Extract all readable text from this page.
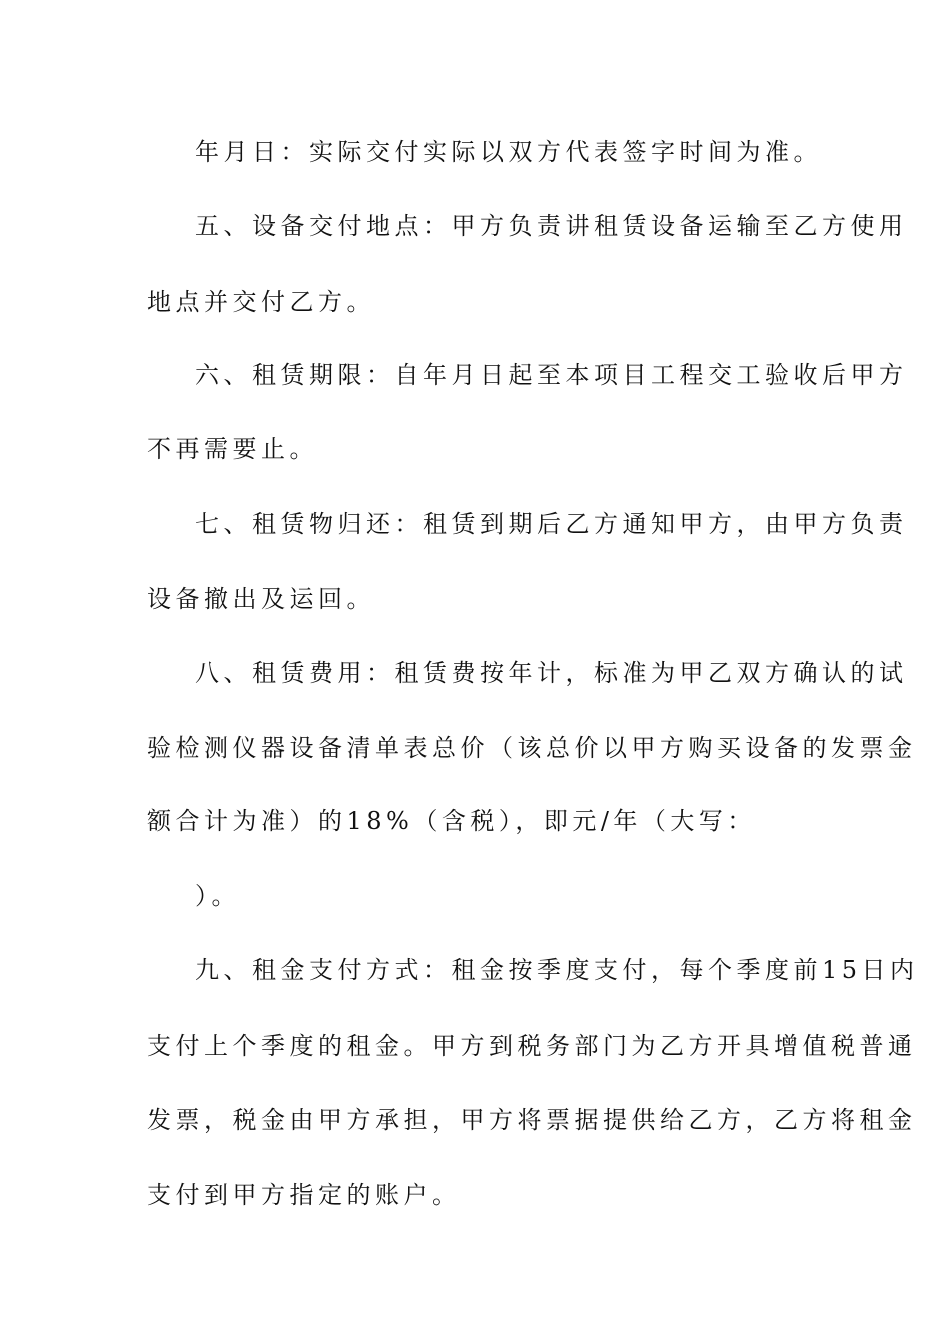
年月日：实际交付实际以双方代表签字时间为准。
五、设备交付地点：甲方负责讲租赁设备运输至乙方使用
地点并交付乙方。
六、租赁期限：自年月日起至本项目工程交工验收后甲方
不再需要止。
七、租赁物归还：租赁到期后乙方通知甲方，由甲方负责
设备撤出及运回。
八、租赁费用：租赁费按年计，标准为甲乙双方确认的试
验检测仪器设备清单表总价（该总价以甲方购买设备的发票金
额合计为准）的18%（含税），即元/年（大写：
）。
九、租金支付方式：租金按季度支付，每个季度前15日内
支付上个季度的租金。甲方到税务部门为乙方开具增值税普通
发票，税金由甲方承担，甲方将票据提供给乙方，乙方将租金
支付到甲方指定的账户。
